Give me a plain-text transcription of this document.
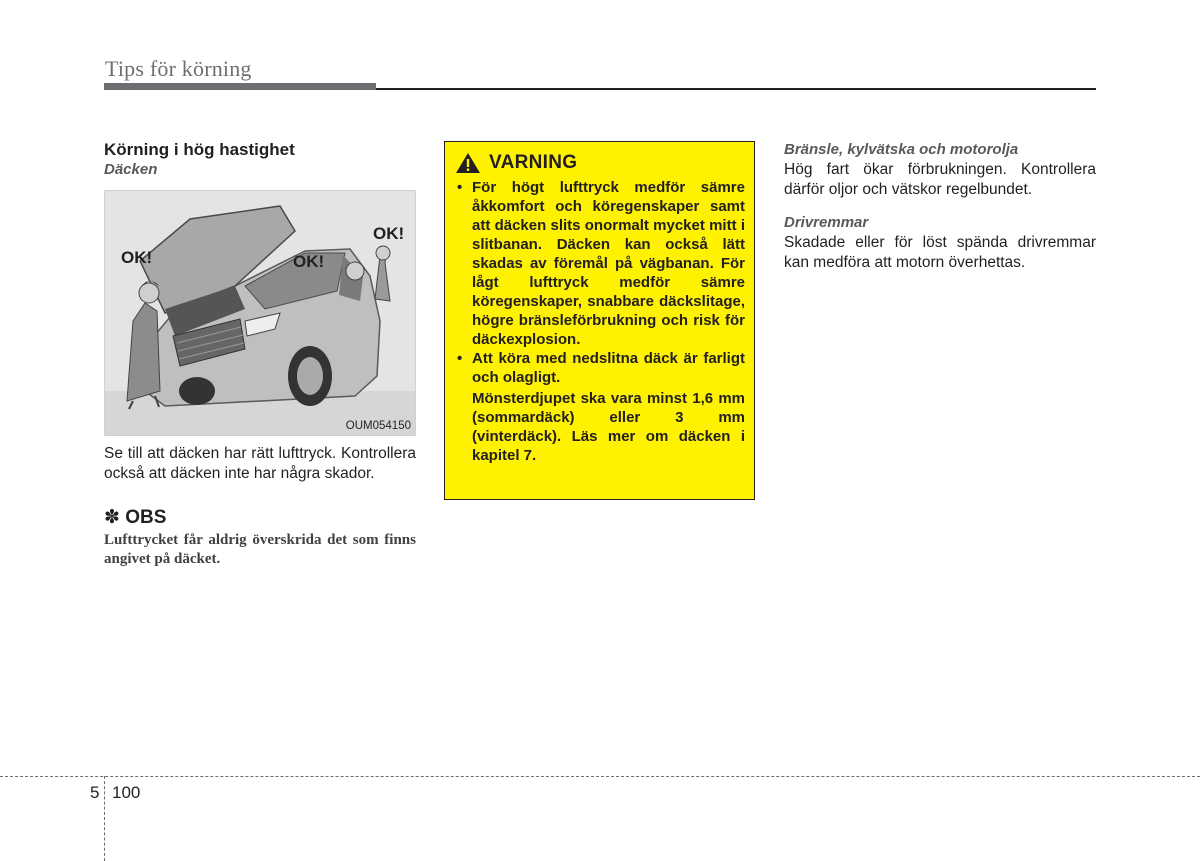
Tips för körning

Körning i hög hastighet

Däcken

OK!	OK!
OK!
OUM054150

Se till att däcken har rätt lufttryck. Kontrollera också att däcken inte har några skador.

✽ OBS
Lufttrycket får aldrig överskrida det som finns angivet på däcket.
VARNING
• För högt lufttryck medför sämre åkkomfort och köregenskaper samt att däcken slits onormalt mycket mitt i slitbanan. Däcken kan också lätt skadas av föremål på vägbanan. För lågt lufttryck medför sämre köregenskaper, snabbare däckslitage, högre bränsleförbrukning och risk för däckexplosion.
• Att köra med nedslitna däck är farligt och olagligt.
Mönsterdjupet ska vara minst 1,6 mm (sommardäck) eller 3 mm (vinterdäck). Läs mer om däcken i kapitel 7.

Bränsle, kylvätska och motorolja

Hög fart ökar förbrukningen. Kontrollera därför oljor och vätskor regelbundet.

Drivremmar

Skadade eller för löst spända drivremmar kan medföra att motorn överhettas.

5 100
